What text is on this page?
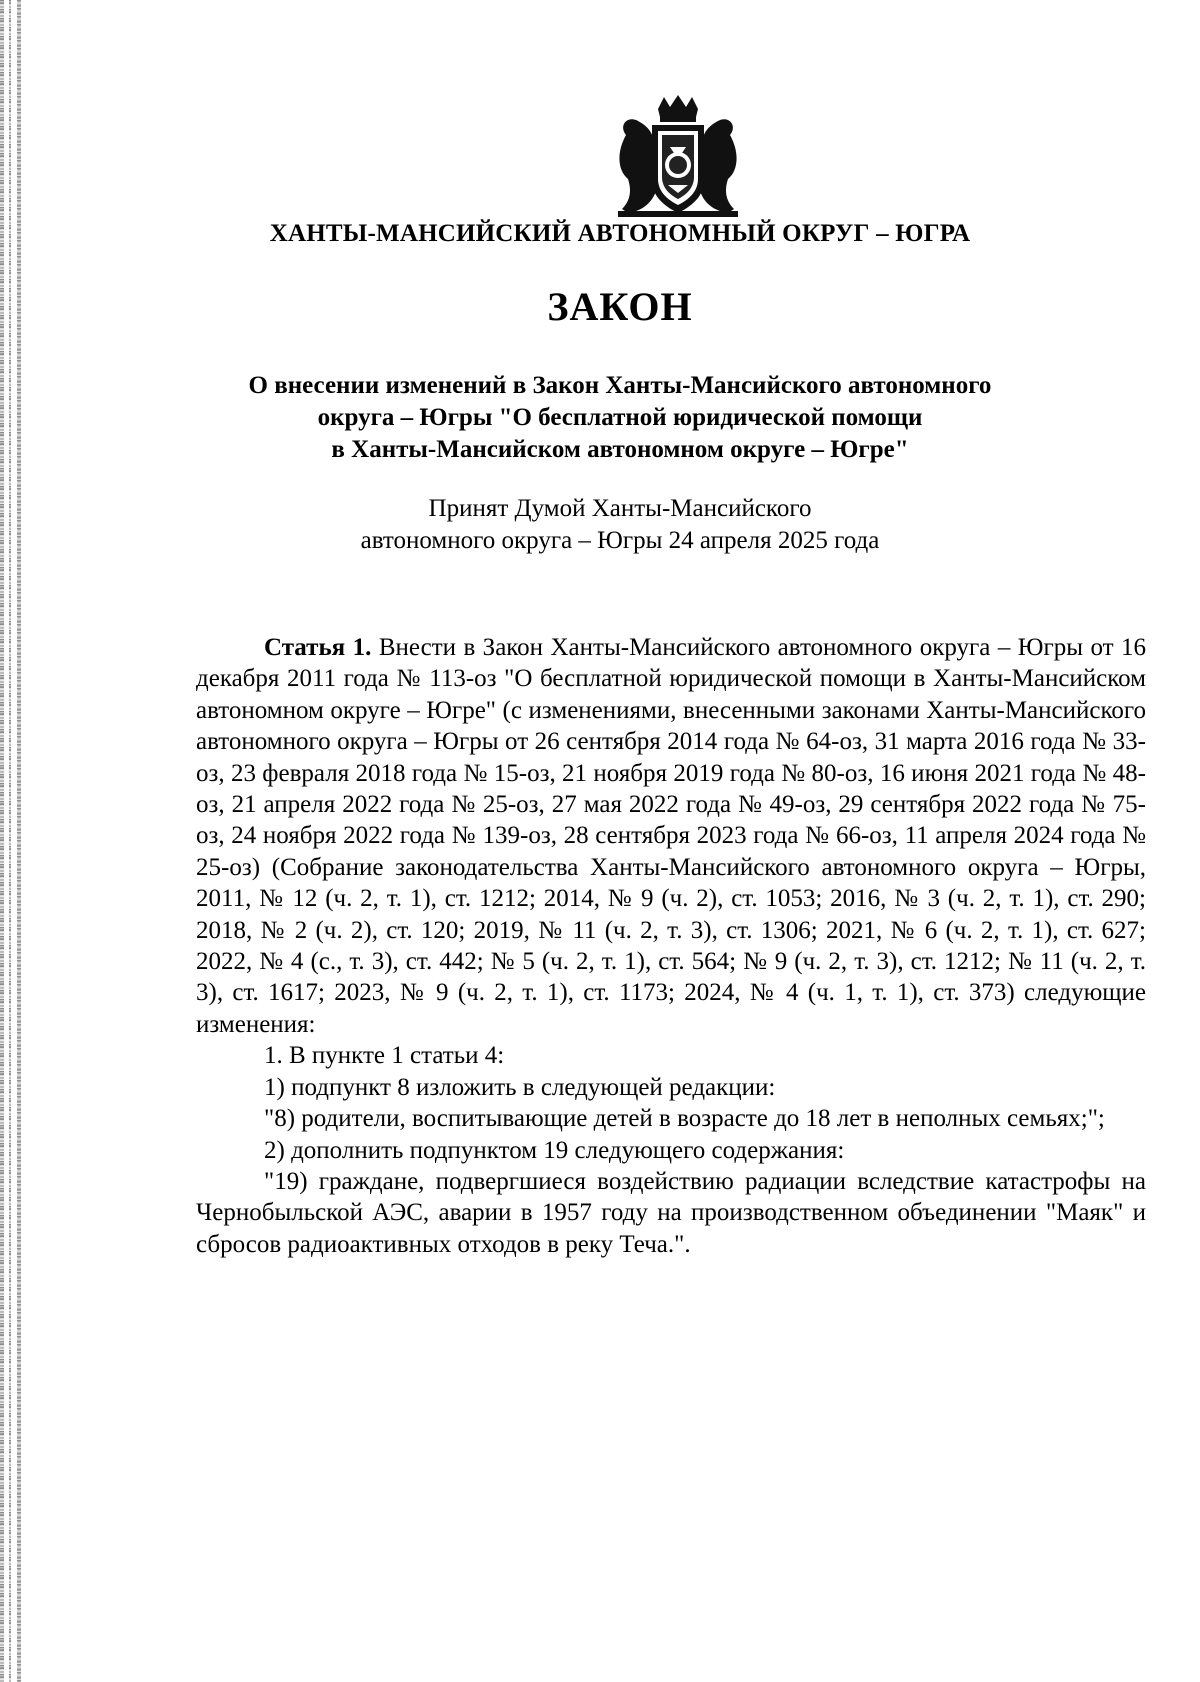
ХАНТЫ-МАНСИЙСКИЙ АВТОНОМНЫЙ ОКРУГ – ЮГРА
ЗАКОН
О внесении изменений в Закон Ханты-Мансийского автономного
округа – Югры "О бесплатной юридической помощи
в Ханты-Мансийском автономном округе – Югре"
Принят Думой Ханты-Мансийского
автономного округа – Югры 24 апреля 2025 года

Статья 1. Внести в Закон Ханты-Мансийского автономного округа – Югры от 16 декабря 2011 года № 113-оз "О бесплатной юридической помощи в Ханты-Мансийском автономном округе – Югре" (с изменениями, внесенными законами Ханты-Мансийского автономного округа – Югры от 26 сентября 2014 года № 64-оз, 31 марта 2016 года № 33-оз, 23 февраля 2018 года № 15-оз, 21 ноября 2019 года № 80-оз, 16 июня 2021 года № 48-оз, 21 апреля 2022 года № 25-оз, 27 мая 2022 года № 49-оз, 29 сентября 2022 года № 75-оз, 24 ноября 2022 года № 139-оз, 28 сентября 2023 года № 66-оз, 11 апреля 2024 года № 25-оз) (Собрание законодательства Ханты-Мансийского автономного округа – Югры, 2011, № 12 (ч. 2, т. 1), ст. 1212; 2014, № 9 (ч. 2), ст. 1053; 2016, № 3 (ч. 2, т. 1), ст. 290; 2018, № 2 (ч. 2), ст. 120; 2019, № 11 (ч. 2, т. 3), ст. 1306; 2021, № 6 (ч. 2, т. 1), ст. 627; 2022, № 4 (с., т. 3), ст. 442; № 5 (ч. 2, т. 1), ст. 564; № 9 (ч. 2, т. 3), ст. 1212; № 11 (ч. 2, т. 3), ст. 1617; 2023, № 9 (ч. 2, т. 1), ст. 1173; 2024, № 4 (ч. 1, т. 1), ст. 373) следующие изменения:

1. В пункте 1 статьи 4:

1) подпункт 8 изложить в следующей редакции:

"8) родители, воспитывающие детей в возрасте до 18 лет в неполных семьях;";

2) дополнить подпунктом 19 следующего содержания:

"19) граждане, подвергшиеся воздействию радиации вследствие катастрофы на Чернобыльской АЭС, аварии в 1957 году на производственном объединении "Маяк" и сбросов радиоактивных отходов в реку Теча.".
